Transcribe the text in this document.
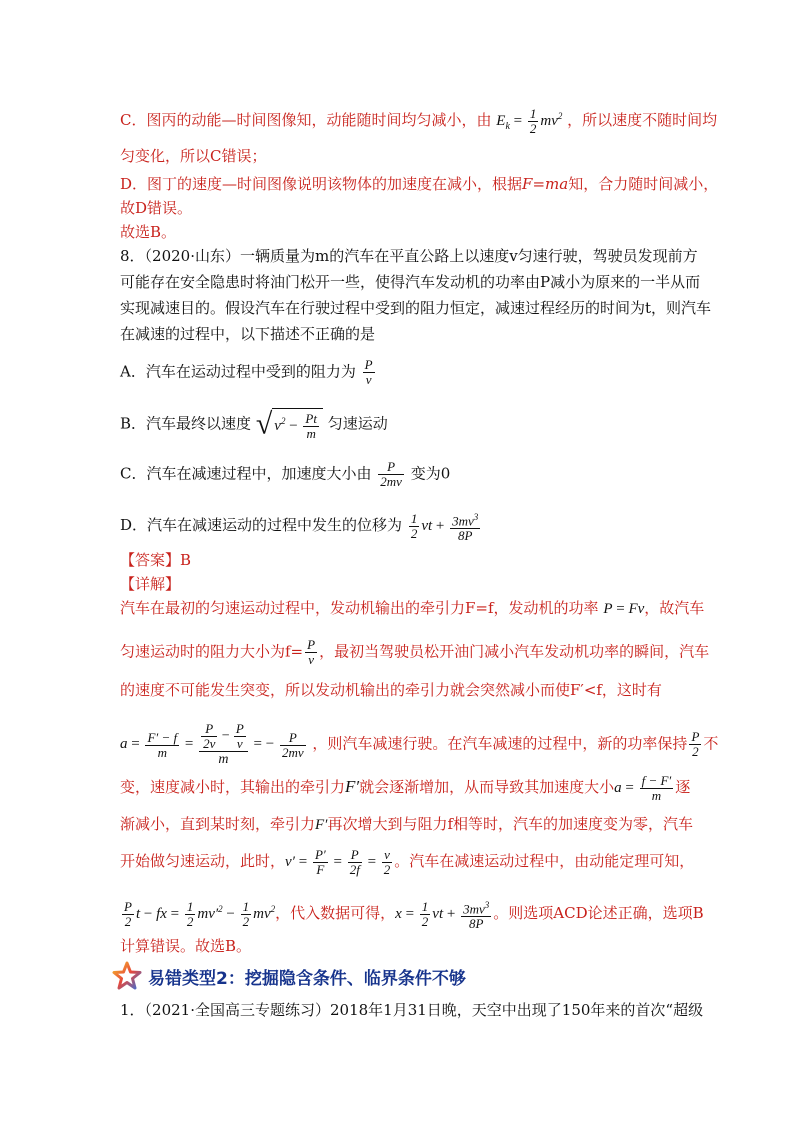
C．图丙的动能—时间图像知，动能随时间均匀减小，由 $E_k = \frac{1}{2} mv^2$ ，所以速度不随时间均
匀变化，所以C错误；
D．图丁的速度—时间图像说明该物体的加速度在减小，根据F=ma知，合力随时间减小，
故D错误。
故选B。
8．（2020·山东）一辆质量为m的汽车在平直公路上以速度v匀速行驶，驾驶员发现前方
可能存在安全隐患时将油门松开一些，使得汽车发动机的功率由P减小为原来的一半从而
实现减速目的。假设汽车在行驶过程中受到的阻力恒定，减速过程经历的时间为t，则汽车
在减速的过程中，以下描述不正确的是
A．汽车在运动过程中受到的阻力为 $\frac{P}{v}$
B．汽车最终以速度 √ $v^2 - \frac{Pt}{m}$ 匀速运动
C．汽车在减速过程中，加速度大小由 $\frac{P}{2mv}$ 变为0
D．汽车在减速运动的过程中发生的位移为 $\frac{1}{2}$ vt + $\frac{3mv^3}{8P}$
【答案】B
【详解】
汽车在最初的匀速运动过程中，发动机输出的牵引力F=f，发动机的功率 P = Fv，故汽车
匀速运动时的阻力大小为$f= \frac{P}{v}$ ，最初当驾驶员松开油门减小汽车发动机功率的瞬间，汽车
的速度不可能发生突变，所以发动机输出的牵引力就会突然减小而使F′<f，这时有
$a = \frac{F' - f}{m} = \frac{\frac{P}{2v} - \frac{P}{v}}{m}$ = − $\frac{P}{2mv}$ ，则汽车减速行驶。在汽车减速的过程中，新的功率保持 $\frac{P}{2}$ 不
变，速度减小时，其输出的牵引力F′就会逐渐增加，从而导致其加速度大小$a = \frac{f - F'}{m}$ 逐
渐减小，直到某时刻，牵引力F′再次增大到与阻力f相等时，汽车的加速度变为零，汽车
开始做匀速运动，此时，$v' = \frac{P'}{F} = \frac{P}{2f} = \frac{v}{2}$ 。汽车在减速运动过程中，由动能定理可知，
$\frac{P}{2}$ t − fx = $\frac{1}{2} mv'^2 - \frac{1}{2} mv^2$，代入数据可得，$x = \frac{1}{2}$ vt + $\frac{3mv^3}{8P}$ 。则选项ACD论述正确，选项B
计算错误。故选B。
易错类型2：挖掘隐含条件、临界条件不够
1．（2021·全国高三专题练习）2018年1月31日晚，天空中出现了150年来的首次“超级
